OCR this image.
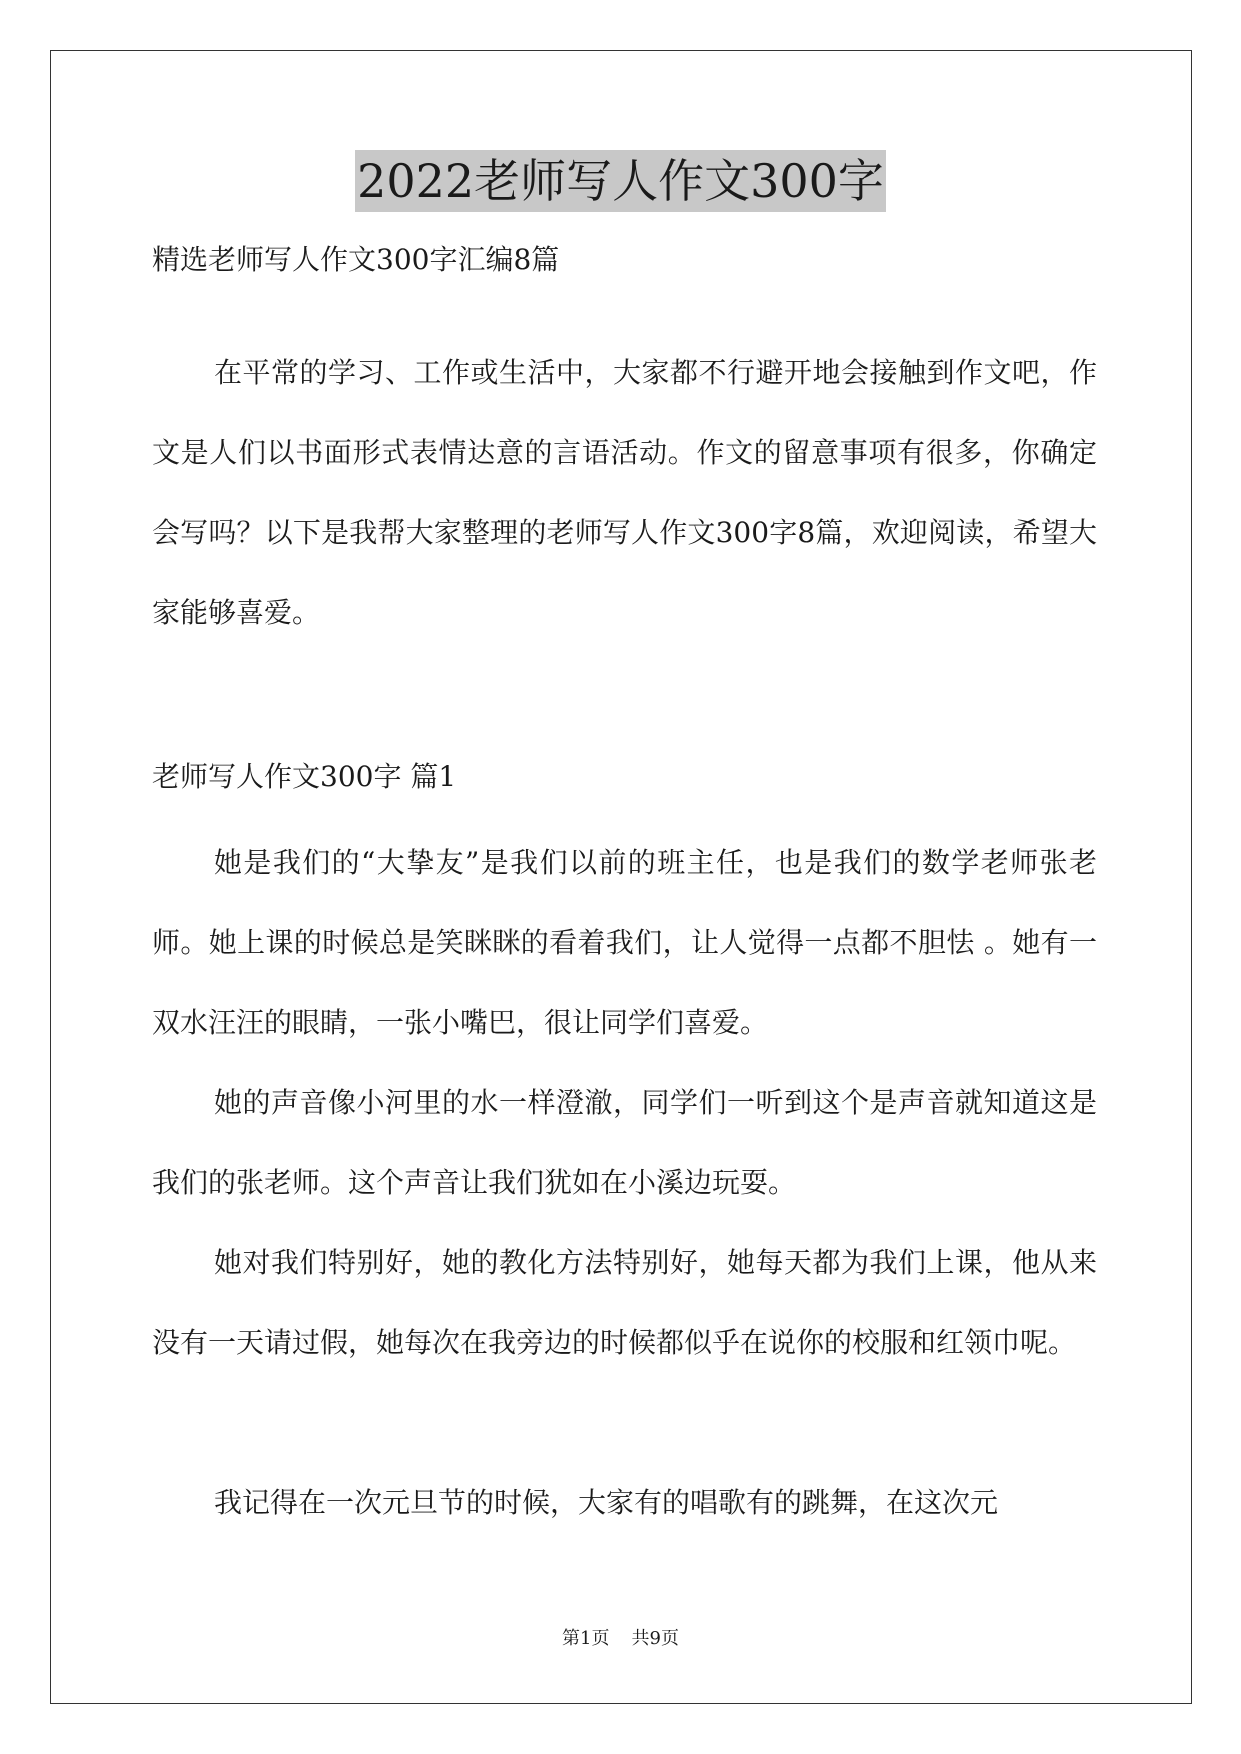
2022老师写人作文300字
精选老师写人作文300字汇编8篇

在平常的学习、工作或生活中，大家都不行避开地会接触到作文吧，作文是人们以书面形式表情达意的言语活动。作文的留意事项有很多，你确定会写吗？以下是我帮大家整理的老师写人作文300字8篇，欢迎阅读，希望大家能够喜爱。

老师写人作文300字 篇1

她是我们的“大挚友”是我们以前的班主任，也是我们的数学老师张老师。她上课的时候总是笑眯眯的看着我们，让人觉得一点都不胆怯 。她有一双水汪汪的眼睛，一张小嘴巴，很让同学们喜爱。

她的声音像小河里的水一样澄澈，同学们一听到这个是声音就知道这是我们的张老师。这个声音让我们犹如在小溪边玩耍。

她对我们特别好，她的教化方法特别好，她每天都为我们上课，他从来没有一天请过假，她每次在我旁边的时候都似乎在说你的校服和红领巾呢。

我记得在一次元旦节的时候，大家有的唱歌有的跳舞，在这次元

第1页 共9页
